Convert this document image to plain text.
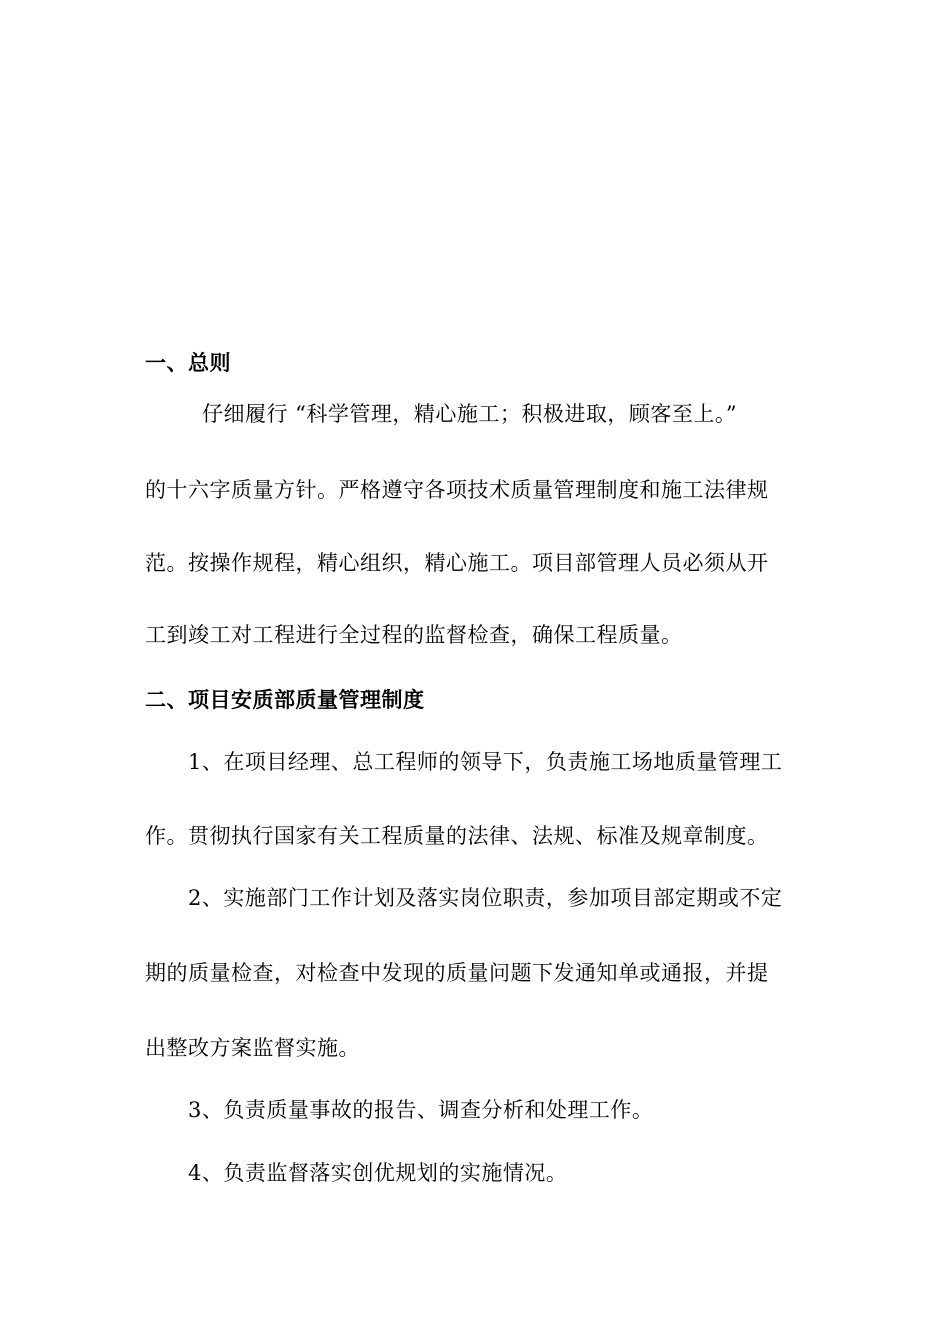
一、总则
仔细履行 “科学管理，精心施工；积极进取，顾客至上。”
的十六字质量方针。严格遵守各项技术质量管理制度和施工法律规
范。按操作规程，精心组织，精心施工。项目部管理人员必须从开
工到竣工对工程进行全过程的监督检查，确保工程质量。
二、项目安质部质量管理制度
1、在项目经理、总工程师的领导下，负责施工场地质量管理工
作。贯彻执行国家有关工程质量的法律、法规、标准及规章制度。
2、实施部门工作计划及落实岗位职责，参加项目部定期或不定
期的质量检查，对检查中发现的质量问题下发通知单或通报，并提
出整改方案监督实施。
3、负责质量事故的报告、调查分析和处理工作。
4、负责监督落实创优规划的实施情况。
